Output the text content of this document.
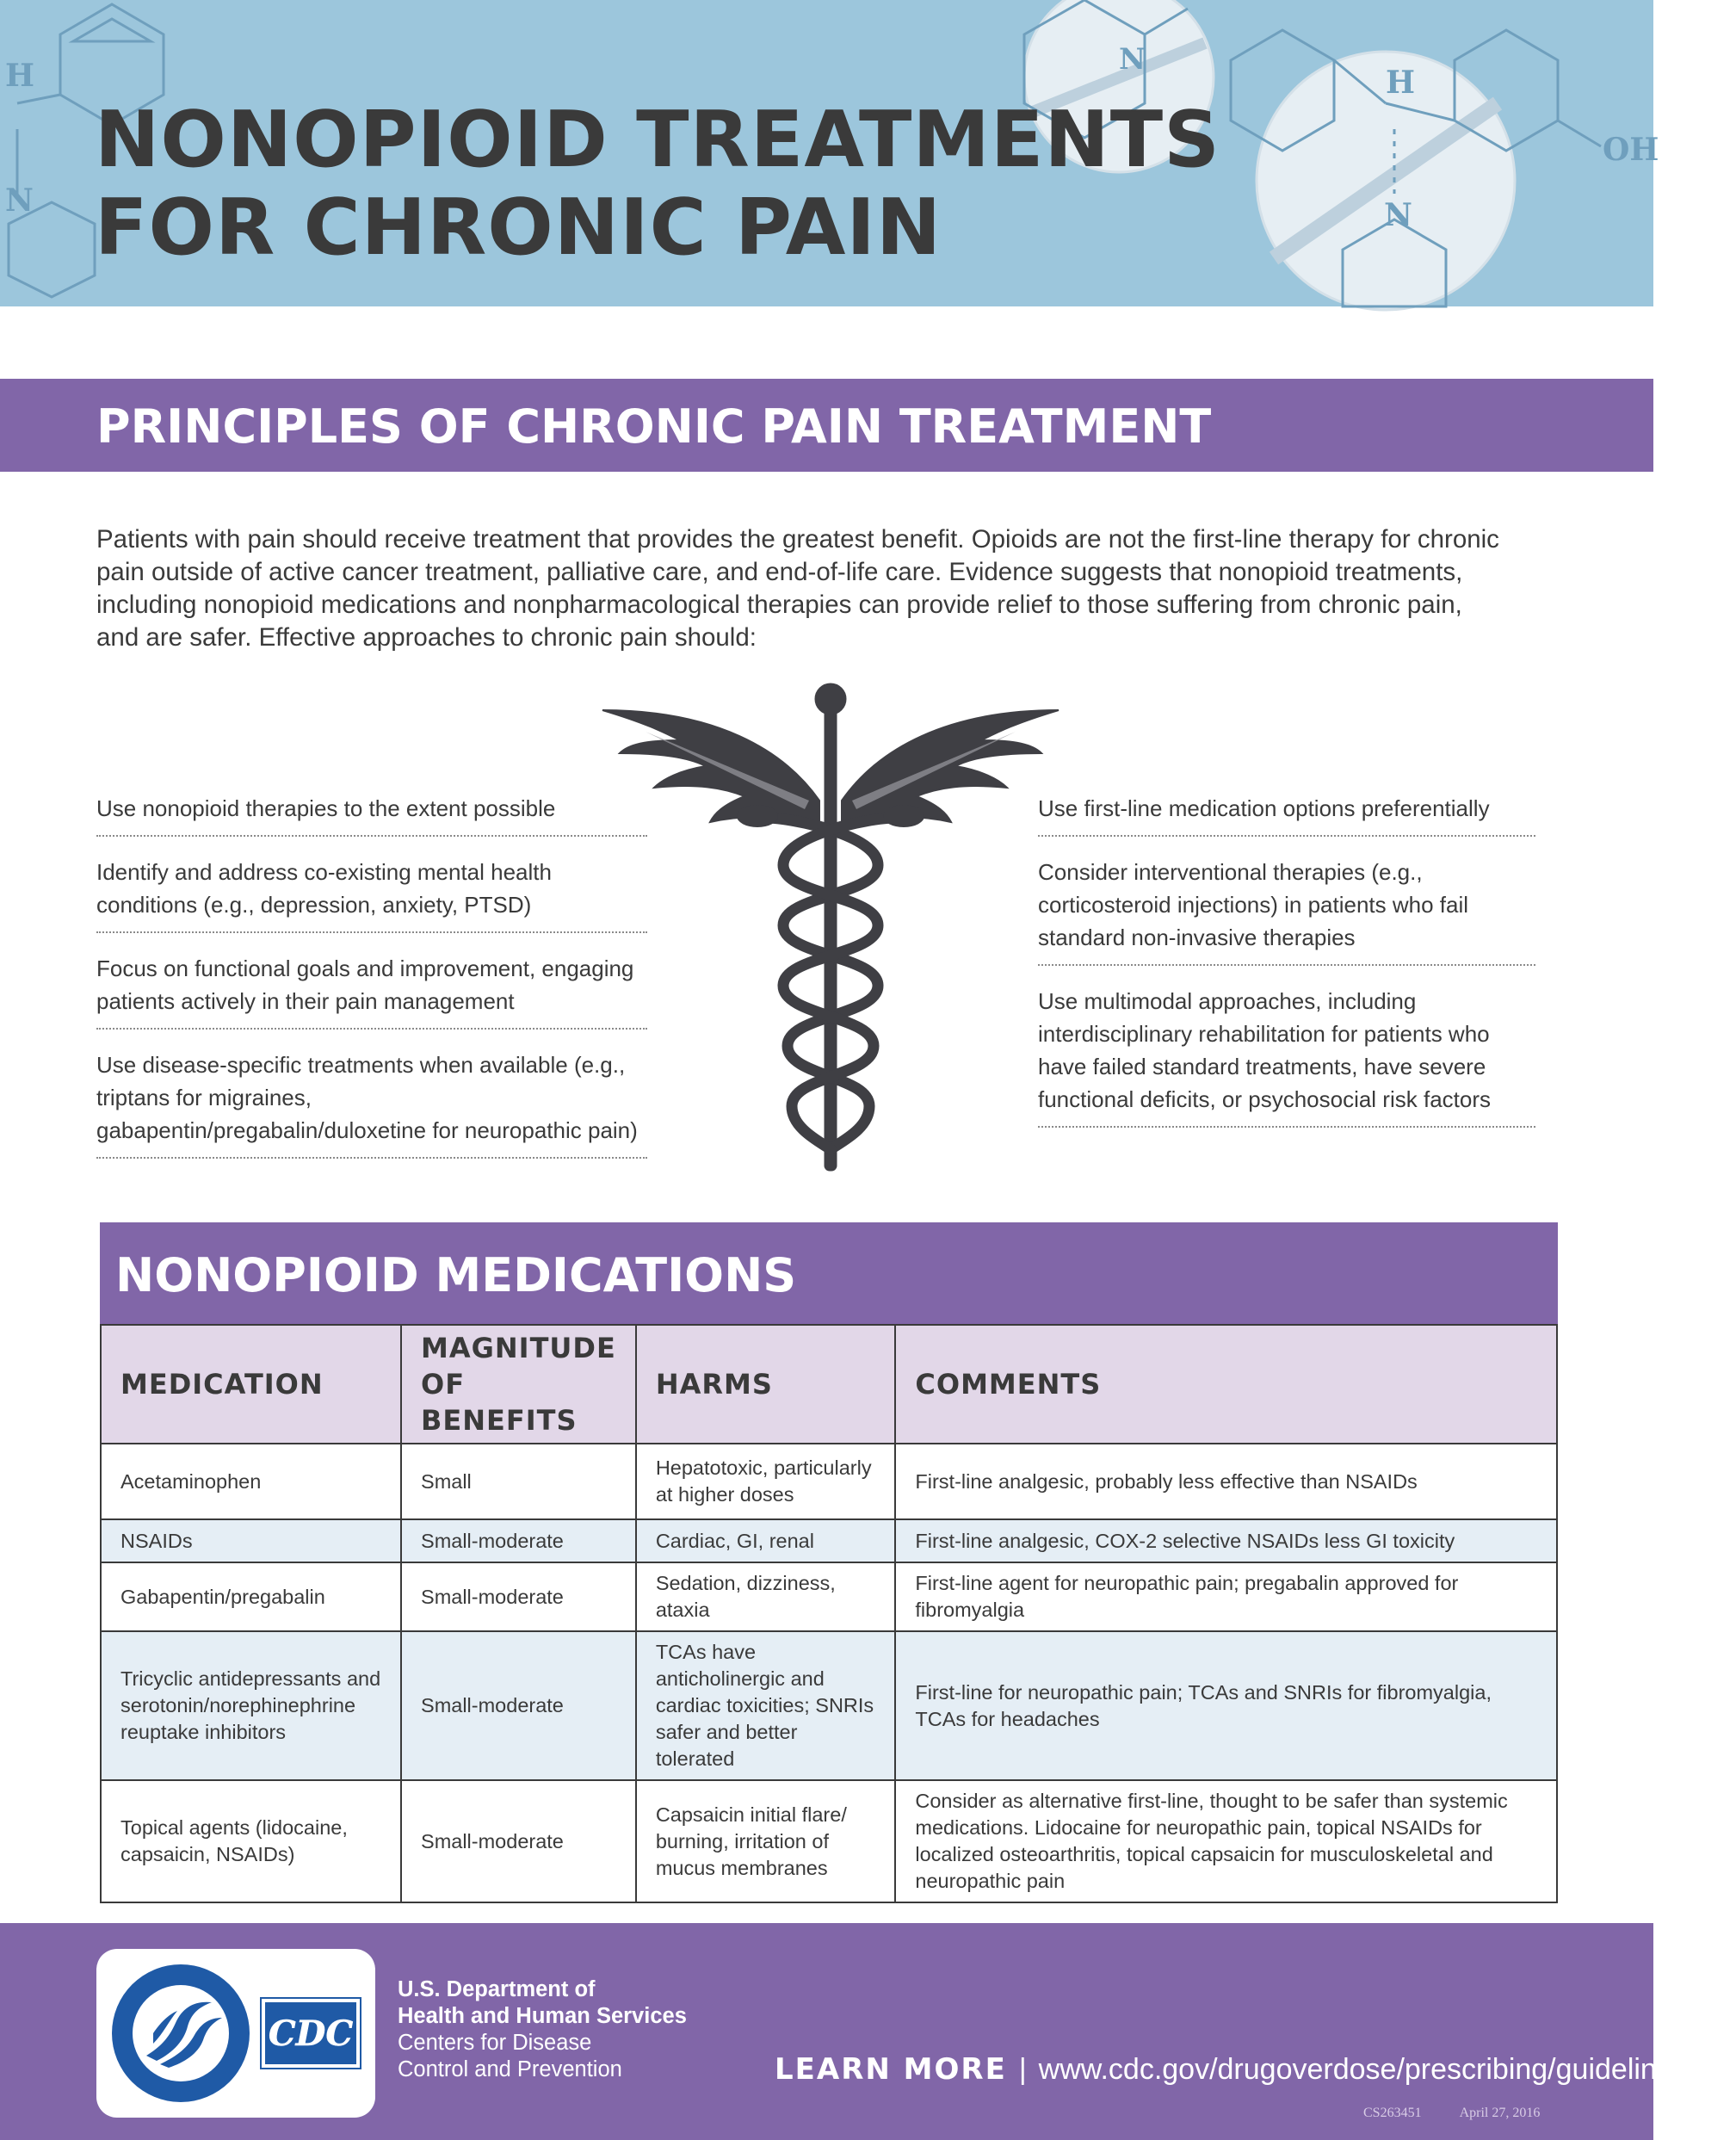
H
N
N
H
N
OH
NONOPIOID TREATMENTS
FOR CHRONIC PAIN
PRINCIPLES OF CHRONIC PAIN TREATMENT

Patients with pain should receive treatment that provides the greatest benefit. Opioids are not the first-line therapy for chronic pain outside of active cancer treatment, palliative care, and end-of-life care. Evidence suggests that nonopioid treatments, including nonopioid medications and nonpharmacological therapies can provide relief to those suffering from chronic pain, and are safer. Effective approaches to chronic pain should:

Use nonopioid therapies to the extent possible
Identify and address co-existing mental health conditions (e.g., depression, anxiety, PTSD)
Focus on functional goals and improvement, engaging patients actively in their pain management
Use disease-specific treatments when available (e.g., triptans for migraines, gabapentin/pregabalin/duloxetine for neuropathic pain)
Use first-line medication options preferentially
Consider interventional therapies (e.g., corticosteroid injections) in patients who fail standard non-invasive therapies
Use multimodal approaches, including interdisciplinary rehabilitation for patients who have failed standard treatments, have severe functional deficits, or psychosocial risk factors
NONOPIOID MEDICATIONS
MEDICATION	MAGNITUDE OF BENEFITS	HARMS	COMMENTS
Acetaminophen	Small	Hepatotoxic, particularly at higher doses	First-line analgesic, probably less effective than NSAIDs
NSAIDs	Small-moderate	Cardiac, GI, renal	First-line analgesic, COX-2 selective NSAIDs less GI toxicity
Gabapentin/pregabalin	Small-moderate	Sedation, dizziness, ataxia	First-line agent for neuropathic pain; pregabalin approved for fibromyalgia
Tricyclic antidepressants and serotonin/norephinephrine reuptake inhibitors	Small-moderate	TCAs have anticholinergic and cardiac toxicities; SNRIs safer and better tolerated	First-line for neuropathic pain; TCAs and SNRIs for fibromyalgia, TCAs for headaches
Topical agents (lidocaine, capsaicin, NSAIDs)	Small-moderate	Capsaicin initial flare/ burning, irritation of mucus membranes	Consider as alternative first-line, thought to be safer than systemic medications. Lidocaine for neuropathic pain, topical NSAIDs for localized osteoarthritis, topical capsaicin for musculoskeletal and neuropathic pain
CDC
U.S. Department of
Health and Human Services
Centers for Disease
Control and Prevention	LEARN MORE | www.cdc.gov/drugoverdose/prescribing/guideline.html
CS263451	April 27, 2016
